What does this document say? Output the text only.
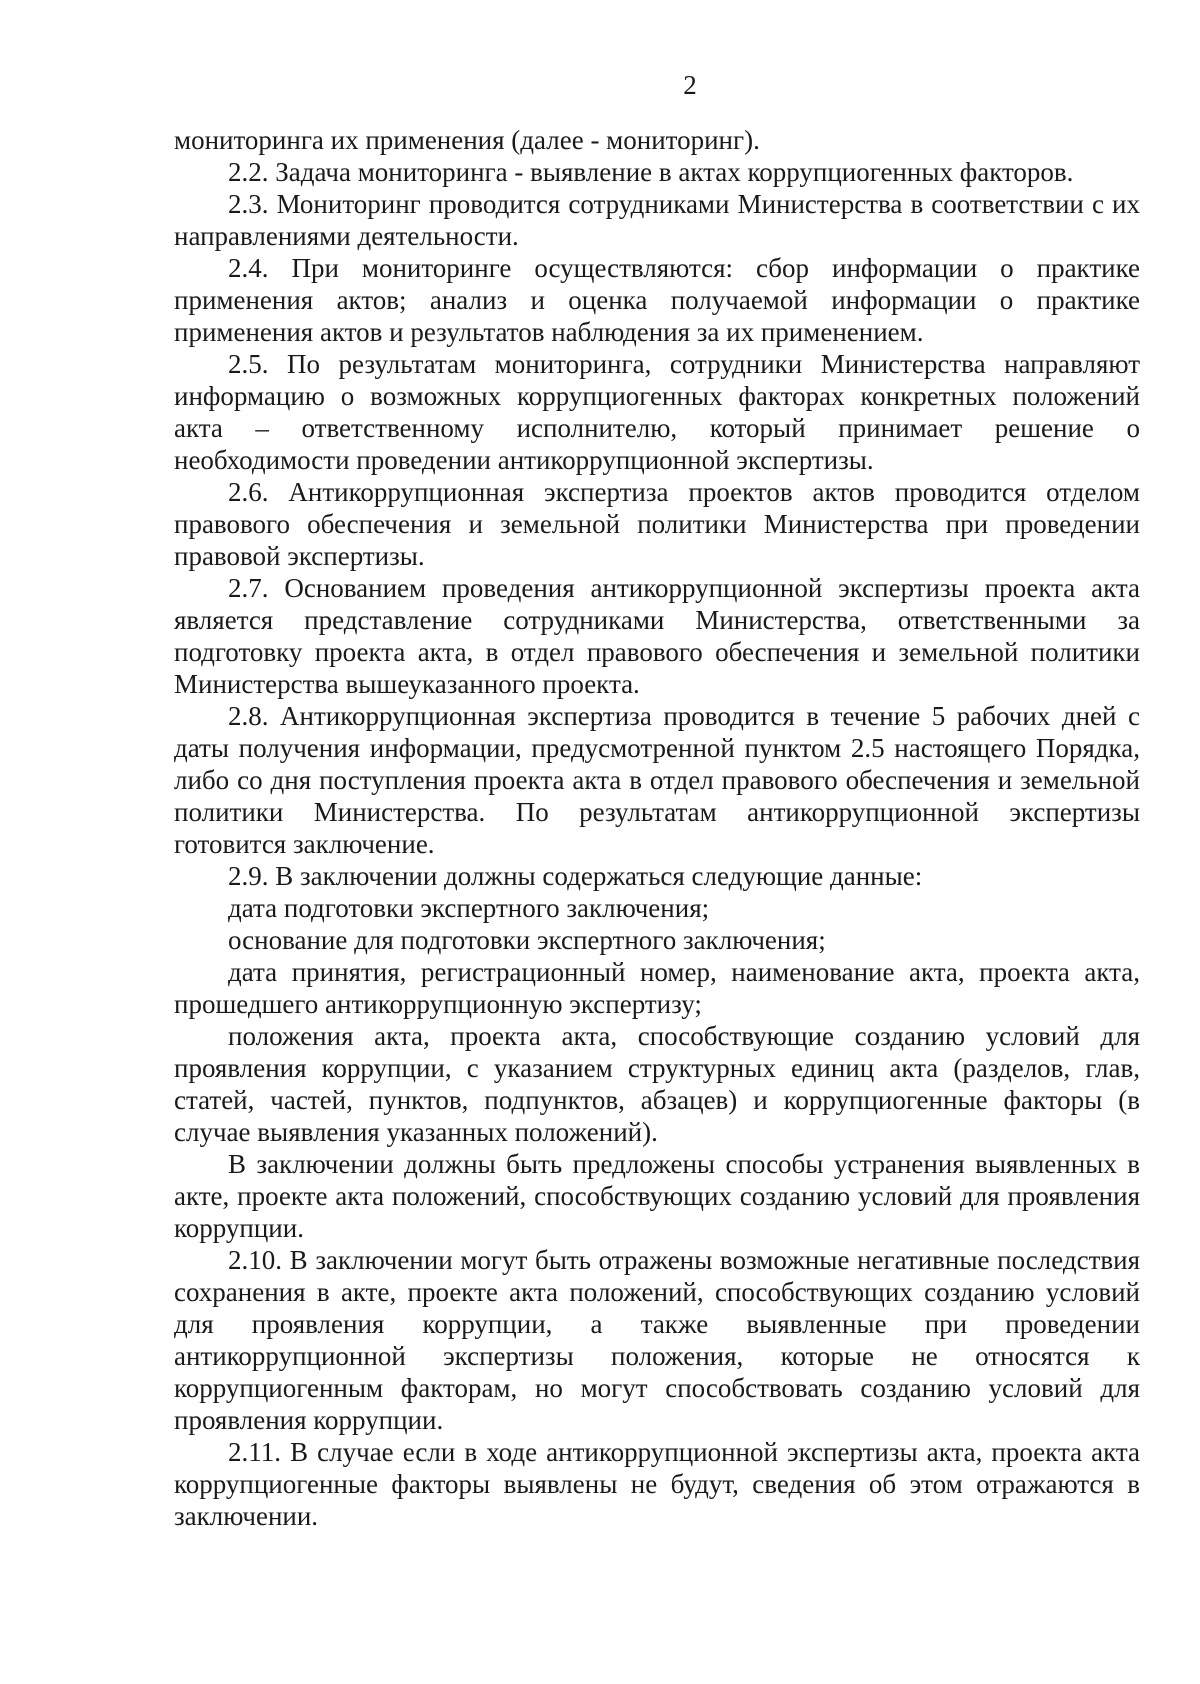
2

мониторинга их применения (далее - мониторинг).

2.2. Задача мониторинга - выявление в актах коррупциогенных факторов.

2.3. Мониторинг проводится сотрудниками Министерства в соответствии с их направлениями деятельности.

2.4. При мониторинге осуществляются: сбор информации о практике применения актов; анализ и оценка получаемой информации о практике применения актов и результатов наблюдения за их применением.

2.5. По результатам мониторинга, сотрудники Министерства направляют информацию о возможных коррупциогенных факторах конкретных положений акта – ответственному исполнителю, который принимает решение о необходимости проведении антикоррупционной экспертизы.

2.6. Антикоррупционная экспертиза проектов актов проводится отделом правового обеспечения и земельной политики Министерства при проведении правовой экспертизы.

2.7. Основанием проведения антикоррупционной экспертизы проекта акта является представление сотрудниками Министерства, ответственными за подготовку проекта акта, в отдел правового обеспечения и земельной политики Министерства вышеуказанного проекта.

2.8. Антикоррупционная экспертиза проводится в течение 5 рабочих дней с даты получения информации, предусмотренной пунктом 2.5 настоящего Порядка, либо со дня поступления проекта акта в отдел правового обеспечения и земельной политики Министерства. По результатам антикоррупционной экспертизы готовится заключение.

2.9. В заключении должны содержаться следующие данные:

дата подготовки экспертного заключения;

основание для подготовки экспертного заключения;

дата принятия, регистрационный номер, наименование акта, проекта акта, прошедшего антикоррупционную экспертизу;

положения акта, проекта акта, способствующие созданию условий для проявления коррупции, с указанием структурных единиц акта (разделов, глав, статей, частей, пунктов, подпунктов, абзацев) и коррупциогенные факторы (в случае выявления указанных положений).

В заключении должны быть предложены способы устранения выявленных в акте, проекте акта положений, способствующих созданию условий для проявления коррупции.

2.10. В заключении могут быть отражены возможные негативные последствия сохранения в акте, проекте акта положений, способствующих созданию условий для проявления коррупции, а также выявленные при проведении антикоррупционной экспертизы положения, которые не относятся к коррупциогенным факторам, но могут способствовать созданию условий для проявления коррупции.

2.11. В случае если в ходе антикоррупционной экспертизы акта, проекта акта коррупциогенные факторы выявлены не будут, сведения об этом отражаются в заключении.
